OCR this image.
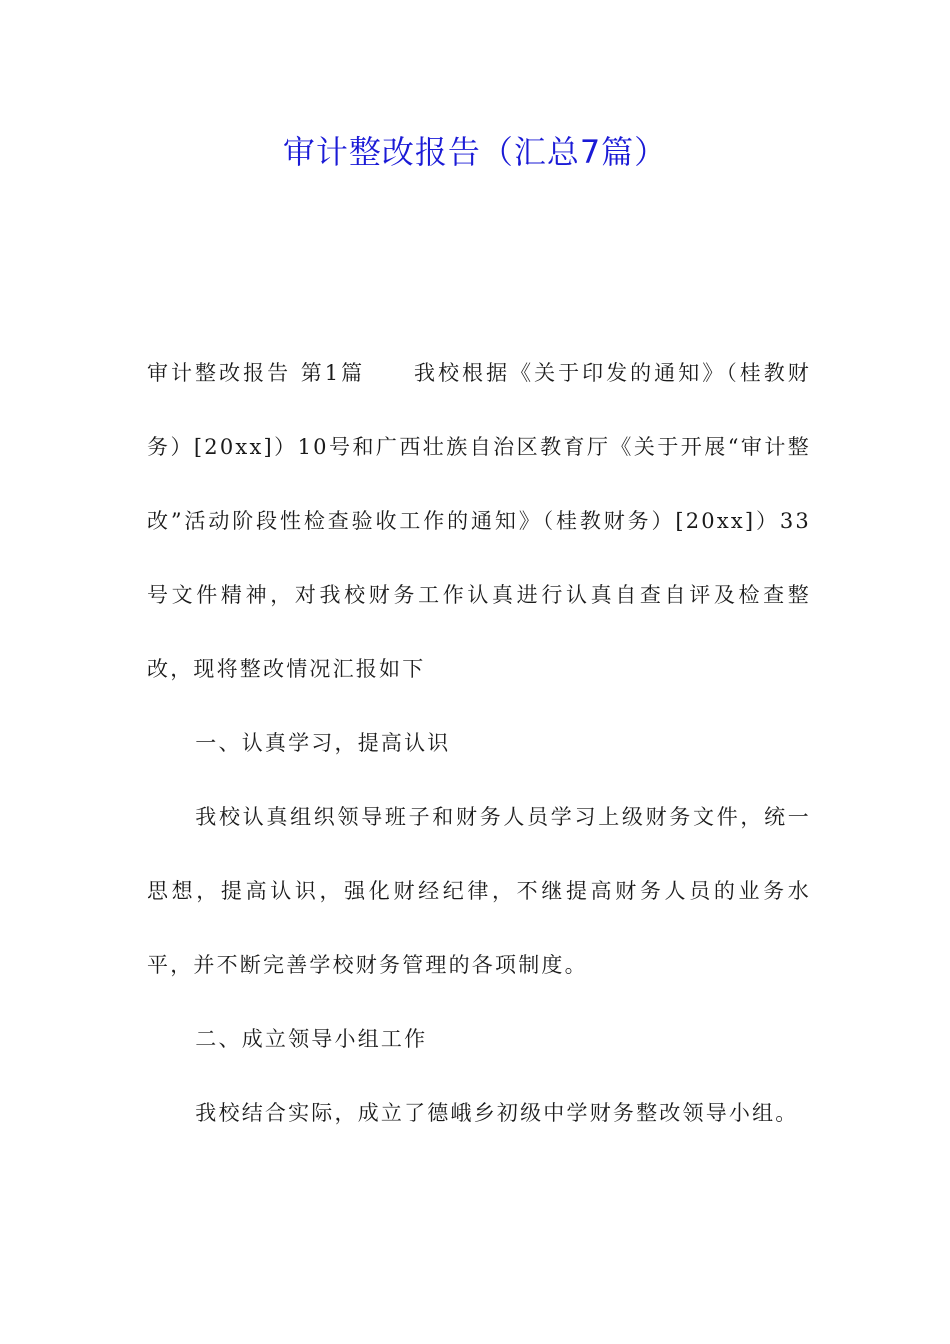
审计整改报告（汇总7篇）

审计整改报告 第1篇 我校根据《关于印发的通知》（桂教财务）[20xx]）10号和广西壮族自治区教育厅《关于开展“审计整改”活动阶段性检查验收工作的通知》（桂教财务）[20xx]）33号文件精神，对我校财务工作认真进行认真自查自评及检查整改，现将整改情况汇报如下

一、认真学习，提高认识

我校认真组织领导班子和财务人员学习上级财务文件，统一思想，提高认识，强化财经纪律，不继提高财务人员的业务水平，并不断完善学校财务管理的各项制度。

二、成立领导小组工作

我校结合实际，成立了德峨乡初级中学财务整改领导小组。
